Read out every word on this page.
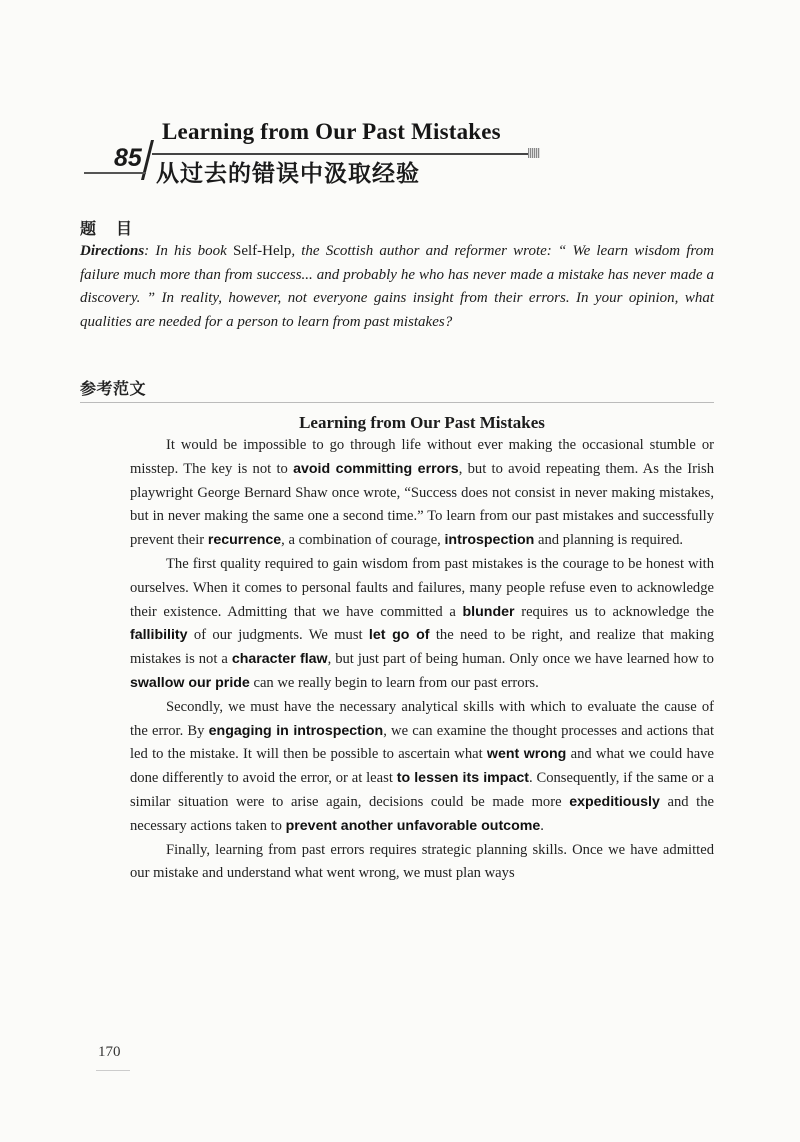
Learning from Our Past Mistakes
85
从过去的错误中汲取经验
题 目
Directions: In his book Self-Help, the Scottish author and reformer wrote: “ We learn wisdom from failure much more than from success... and probably he who has never made a mistake has never made a discovery. ” In reality, however, not everyone gains insight from their errors. In your opinion, what qualities are needed for a person to learn from past mistakes?
参考范文
Learning from Our Past Mistakes

It would be impossible to go through life without ever making the occasional stumble or misstep. The key is not to avoid committing errors, but to avoid repeating them. As the Irish playwright George Bernard Shaw once wrote, “Success does not consist in never making mistakes, but in never making the same one a second time.” To learn from our past mistakes and successfully prevent their recurrence, a combination of courage, introspection and planning is required.

The first quality required to gain wisdom from past mistakes is the courage to be honest with ourselves. When it comes to personal faults and failures, many people refuse even to acknowledge their existence. Admitting that we have committed a blunder requires us to acknowledge the fallibility of our judgments. We must let go of the need to be right, and realize that making mistakes is not a character flaw, but just part of being human. Only once we have learned how to swallow our pride can we really begin to learn from our past errors.

Secondly, we must have the necessary analytical skills with which to evaluate the cause of the error. By engaging in introspection, we can examine the thought processes and actions that led to the mistake. It will then be possible to ascertain what went wrong and what we could have done differently to avoid the error, or at least to lessen its impact. Consequently, if the same or a similar situation were to arise again, decisions could be made more expeditiously and the necessary actions taken to prevent another unfavorable outcome.

Finally, learning from past errors requires strategic planning skills. Once we have admitted our mistake and understand what went wrong, we must plan ways

170
